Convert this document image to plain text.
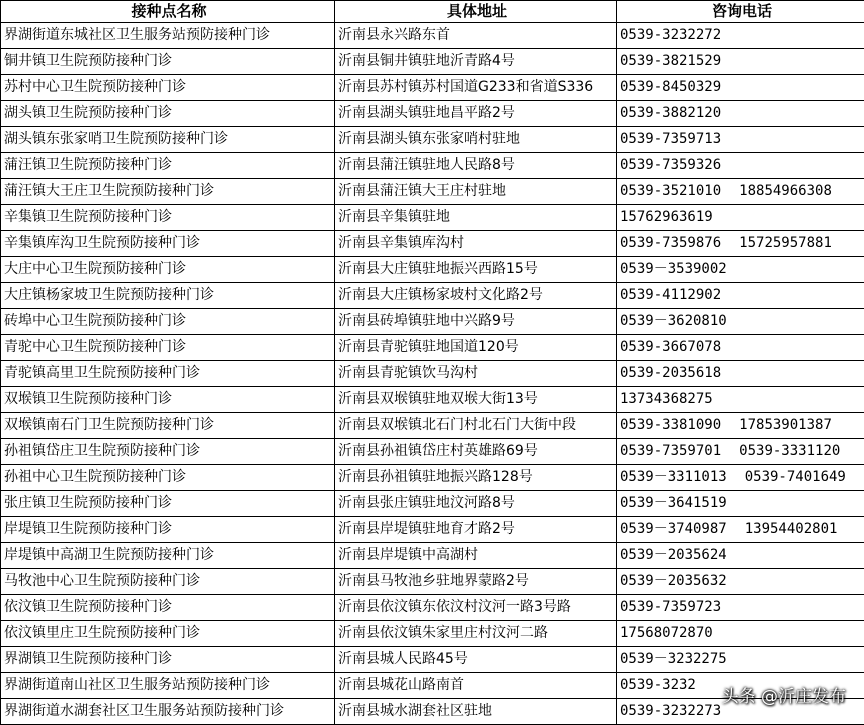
接种点名称	具体地址	咨询电话
界湖街道东城社区卫生服务站预防接种门诊	沂南县永兴路东首	0539-3232272
铜井镇卫生院预防接种门诊	沂南县铜井镇驻地沂青路4号	0539-3821529
苏村中心卫生院预防接种门诊	沂南县苏村镇苏村国道G233和省道S336	0539-8450329
湖头镇卫生院预防接种门诊	沂南县湖头镇驻地昌平路2号	0539-3882120
湖头镇东张家哨卫生院预防接种门诊	沂南县湖头镇东张家哨村驻地	0539-7359713
蒲汪镇卫生院预防接种门诊	沂南县蒲汪镇驻地人民路8号	0539-7359326
蒲汪镇大王庄卫生院预防接种门诊	沂南县蒲汪镇大王庄村驻地	0539-3521010 18854966308
辛集镇卫生院预防接种门诊	沂南县辛集镇驻地	15762963619
辛集镇库沟卫生院预防接种门诊	沂南县辛集镇库沟村	0539-7359876 15725957881
大庄中心卫生院预防接种门诊	沂南县大庄镇驻地振兴西路15号	0539－3539002
大庄镇杨家坡卫生院预防接种门诊	沂南县大庄镇杨家坡村文化路2号	0539-4112902
砖埠中心卫生院预防接种门诊	沂南县砖埠镇驻地中兴路9号	0539－3620810
青驼中心卫生院预防接种门诊	沂南县青驼镇驻地国道120号	0539-3667078
青驼镇高里卫生院预防接种门诊	沂南县青驼镇饮马沟村	0539-2035618
双堠镇卫生院预防接种门诊	沂南县双堠镇驻地双堠大街13号	13734368275
双堠镇南石门卫生院预防接种门诊	沂南县双堠镇北石门村北石门大街中段	0539-3381090 17853901387
孙祖镇岱庄卫生院预防接种门诊	沂南县孙祖镇岱庄村英雄路69号	0539-7359701 0539-3331120
孙祖中心卫生院预防接种门诊	沂南县孙祖镇驻地振兴路128号	0539－3311013 0539-7401649
张庄镇卫生院预防接种门诊	沂南县张庄镇驻地汶河路8号	0539－3641519
岸堤镇卫生院预防接种门诊	沂南县岸堤镇驻地育才路2号	0539－3740987 13954402801
岸堤镇中高湖卫生院预防接种门诊	沂南县岸堤镇中高湖村	0539－2035624
马牧池中心卫生院预防接种门诊	沂南县马牧池乡驻地界蒙路2号	0539－2035632
依汶镇卫生院预防接种门诊	沂南县依汶镇东依汶村汶河一路3号路	0539-7359723
依汶镇里庄卫生院预防接种门诊	沂南县依汶镇朱家里庄村汶河二路	17568072870
界湖镇卫生院预防接种门诊	沂南县城人民路45号	0539－3232275
界湖街道南山社区卫生服务站预防接种门诊	沂南县城花山路南首	0539-3232
界湖街道水湖套社区卫生服务站预防接种门诊	沂南县城水湖套社区驻地	0539-3232273
头条 @沂庄发布
